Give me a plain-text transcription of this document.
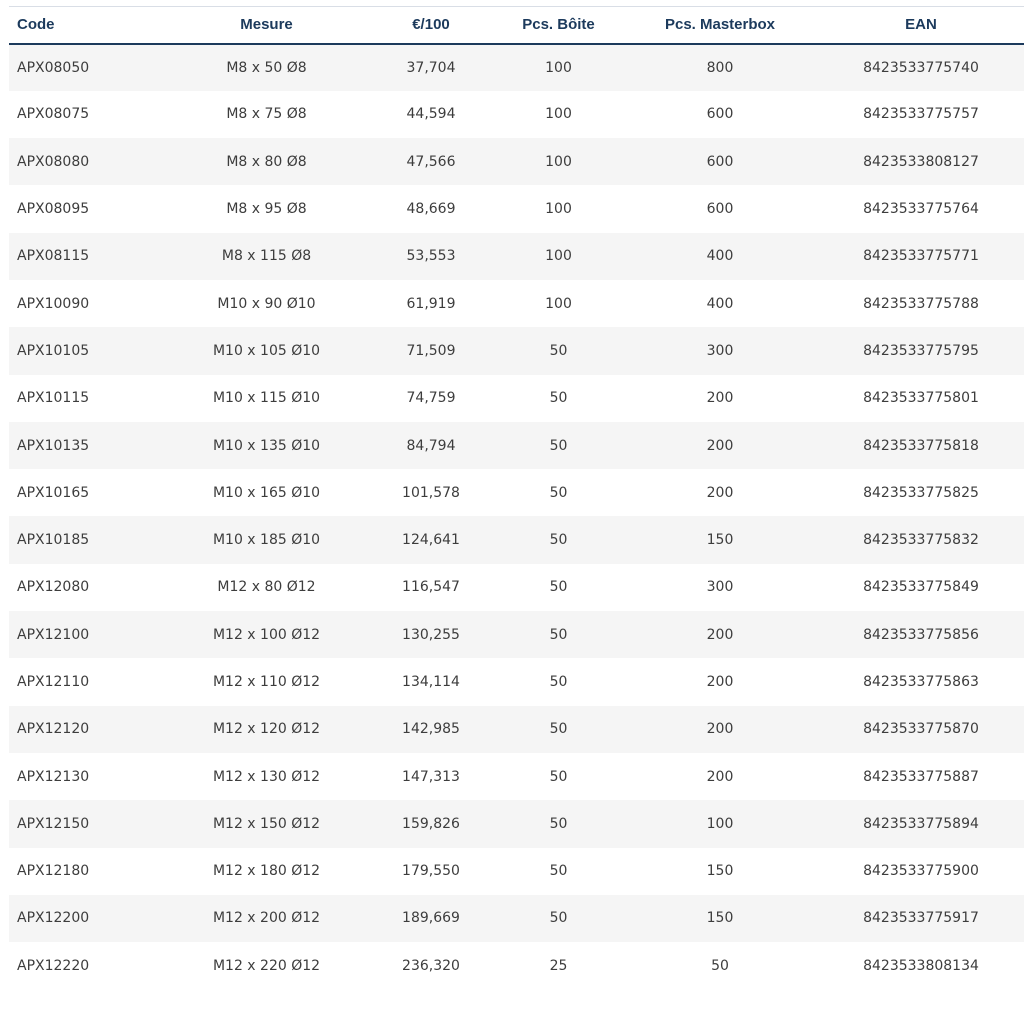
Code	Mesure	€/100	Pcs. Bôite	Pcs. Masterbox	EAN
APX08050	M8 x 50 Ø8	37,704	100	800	8423533775740
APX08075	M8 x 75 Ø8	44,594	100	600	8423533775757
APX08080	M8 x 80 Ø8	47,566	100	600	8423533808127
APX08095	M8 x 95 Ø8	48,669	100	600	8423533775764
APX08115	M8 x 115 Ø8	53,553	100	400	8423533775771
APX10090	M10 x 90 Ø10	61,919	100	400	8423533775788
APX10105	M10 x 105 Ø10	71,509	50	300	8423533775795
APX10115	M10 x 115 Ø10	74,759	50	200	8423533775801
APX10135	M10 x 135 Ø10	84,794	50	200	8423533775818
APX10165	M10 x 165 Ø10	101,578	50	200	8423533775825
APX10185	M10 x 185 Ø10	124,641	50	150	8423533775832
APX12080	M12 x 80 Ø12	116,547	50	300	8423533775849
APX12100	M12 x 100 Ø12	130,255	50	200	8423533775856
APX12110	M12 x 110 Ø12	134,114	50	200	8423533775863
APX12120	M12 x 120 Ø12	142,985	50	200	8423533775870
APX12130	M12 x 130 Ø12	147,313	50	200	8423533775887
APX12150	M12 x 150 Ø12	159,826	50	100	8423533775894
APX12180	M12 x 180 Ø12	179,550	50	150	8423533775900
APX12200	M12 x 200 Ø12	189,669	50	150	8423533775917
APX12220	M12 x 220 Ø12	236,320	25	50	8423533808134
